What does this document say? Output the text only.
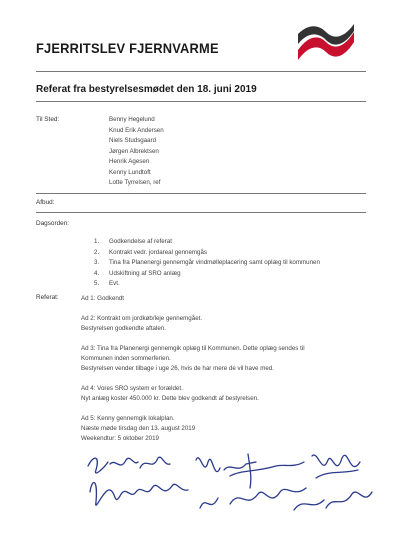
FJERRITSLEV FJERNVARME
Referat fra bestyrelsesmødet den 18. juni 2019
Til Sted:	Benny Hegelund
Knud Erik Andersen
Niels Studsgaard
Jørgen Albrektsen
Henrik Agesen
Kenny Lundtoft
Lotte Tyrrelsen, ref
Afbud:
Dagsorden:
1. Godkendelse af referat
2. Kontrakt vedr. jordareal gennemgås
3. Tina fra Planenergi gennemgår vindmølleplacering samt oplæg til kommunen
4. Udskiftning af SRO anlæg
5. Evt.
Referat:	Ad 1: Godkendt
Ad 2: Kontrakt om jordkøb/leje gennemgået.
Bestyrelsen godkendte aftalen.
Ad 3: Tina fra Planenergi gennemgik oplæg til Kommunen. Dette oplæg sendes til
Kommunen inden sommerferien.
Bestyrelsen vender tilbage i uge 26, hvis de har mere de vil have med.
Ad 4: Vores SRO system er forældet.
Nyt anlæg koster 450.000 kr. Dette blev godkendt af bestyrelsen.
Ad 5: Kenny gennemgik lokalplan.
Næste møde tirsdag den 13. august 2019
Weekendtur: 5 oktober 2019
